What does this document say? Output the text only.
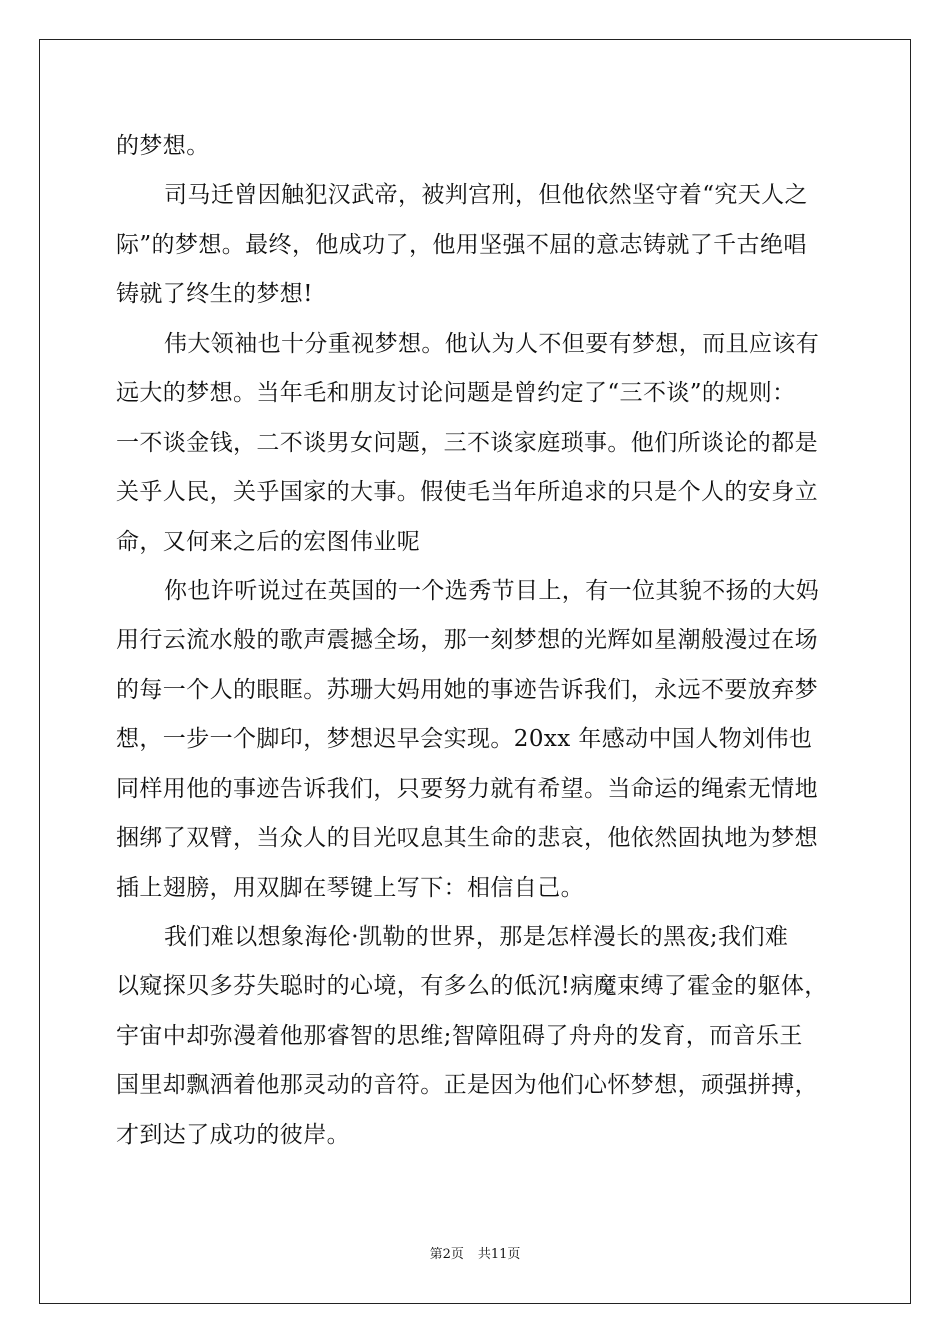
的梦想。
司马迁曾因触犯汉武帝，被判宫刑，但他依然坚守着“究天人之
际”的梦想。最终，他成功了，他用坚强不屈的意志铸就了千古绝唱
铸就了终生的梦想!
伟大领袖也十分重视梦想。他认为人不但要有梦想，而且应该有
远大的梦想。当年毛和朋友讨论问题是曾约定了“三不谈”的规则：
一不谈金钱，二不谈男女问题，三不谈家庭琐事。他们所谈论的都是
关乎人民，关乎国家的大事。假使毛当年所追求的只是个人的安身立
命，又何来之后的宏图伟业呢
你也许听说过在英国的一个选秀节目上，有一位其貌不扬的大妈
用行云流水般的歌声震撼全场，那一刻梦想的光辉如星潮般漫过在场
的每一个人的眼眶。苏珊大妈用她的事迹告诉我们，永远不要放弃梦
想，一步一个脚印，梦想迟早会实现。20xx 年感动中国人物刘伟也
同样用他的事迹告诉我们，只要努力就有希望。当命运的绳索无情地
捆绑了双臂，当众人的目光叹息其生命的悲哀，他依然固执地为梦想
插上翅膀，用双脚在琴键上写下：相信自己。
我们难以想象海伦·凯勒的世界，那是怎样漫长的黑夜;我们难
以窥探贝多芬失聪时的心境，有多么的低沉!病魔束缚了霍金的躯体，
宇宙中却弥漫着他那睿智的思维;智障阻碍了舟舟的发育，而音乐王
国里却飘洒着他那灵动的音符。正是因为他们心怀梦想，顽强拼搏，
才到达了成功的彼岸。
第2页 共11页
